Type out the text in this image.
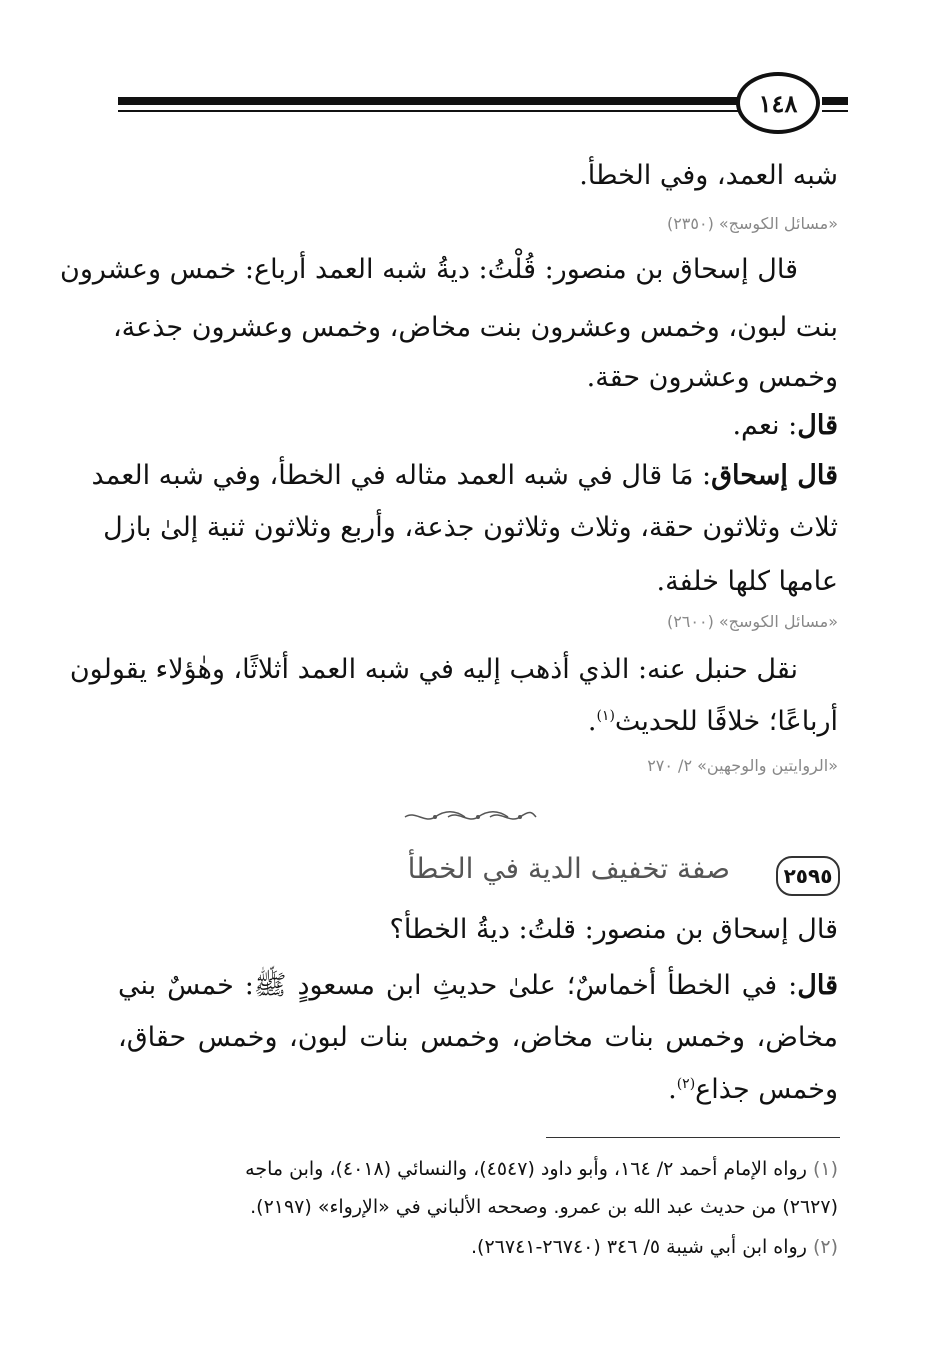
١٤٨
شبه العمد، وفي الخطأ.
«مسائل الكوسج» (٢٣٥٠)
قال إسحاق بن منصور: قُلْتُ: ديةُ شبه العمد أرباع: خمس وعشرون
بنت لبون، وخمس وعشرون بنت مخاض، وخمس وعشرون جذعة،
وخمس وعشرون حقة.
قال: نعم.
قال إسحاق: مَا قال في شبه العمد مثاله في الخطأ، وفي شبه العمد
ثلاث وثلاثون حقة، وثلاث وثلاثون جذعة، وأربع وثلاثون ثنية إلىٰ بازل
عامها كلها خلفة.
«مسائل الكوسج» (٢٦٠٠)
نقل حنبل عنه: الذي أذهب إليه في شبه العمد أثلاثًا، وهٰؤلاء يقولون
أرباعًا؛ خلافًا للحديث$^{(١)}$.
«الروايتين والوجهين» ٢/ ٢٧٠
٢٥٩٥
صفة تخفيف الدية في الخطأ
قال إسحاق بن منصور: قلتُ: ديةُ الخطأ؟
قال: في الخطأ أخماسٌ؛ علىٰ حديثِ ابن مسعودٍ ﷺ: خمسٌ بني
مخاض، وخمس بنات مخاض، وخمس بنات لبون، وخمس حقاق،
وخمس جذاع$^{(٢)}$.
(١) رواه الإمام أحمد ٢/ ١٦٤، وأبو داود (٤٥٤٧)، والنسائي (٤٠١٨)، وابن ماجه
(٢٦٢٧) من حديث عبد الله بن عمرو. وصححه الألباني في «الإرواء» (٢١٩٧).
(٢) رواه ابن أبي شيبة ٥/ ٣٤٦ (٢٦٧٤٠-٢٦٧٤١).
